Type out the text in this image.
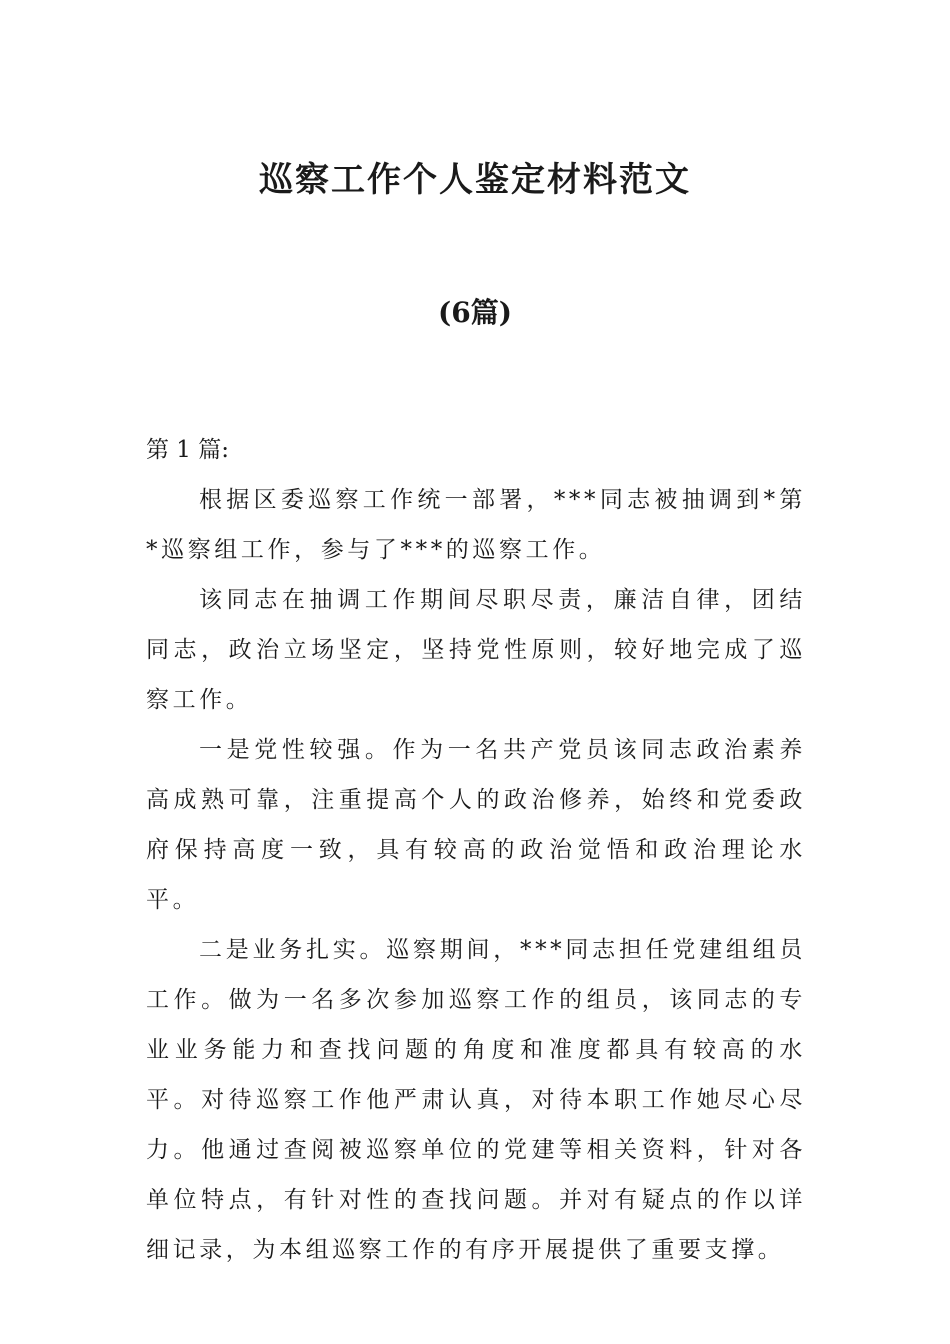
巡察工作个人鉴定材料范文
(6篇)

第 1 篇:

根据区委巡察工作统一部署，***同志被抽调到*第*巡察组工作，参与了***的巡察工作。

该同志在抽调工作期间尽职尽责，廉洁自律，团结同志，政治立场坚定，坚持党性原则，较好地完成了巡察工作。

一是党性较强。作为一名共产党员该同志政治素养高成熟可靠，注重提高个人的政治修养，始终和党委政府保持高度一致，具有较高的政治觉悟和政治理论水平。

二是业务扎实。巡察期间，***同志担任党建组组员工作。做为一名多次参加巡察工作的组员，该同志的专业业务能力和查找问题的角度和准度都具有较高的水平。对待巡察工作他严肃认真，对待本职工作她尽心尽力。他通过查阅被巡察单位的党建等相关资料，针对各单位特点，有针对性的查找问题。并对有疑点的作以详细记录，为本组巡察工作的有序开展提供了重要支撑。
